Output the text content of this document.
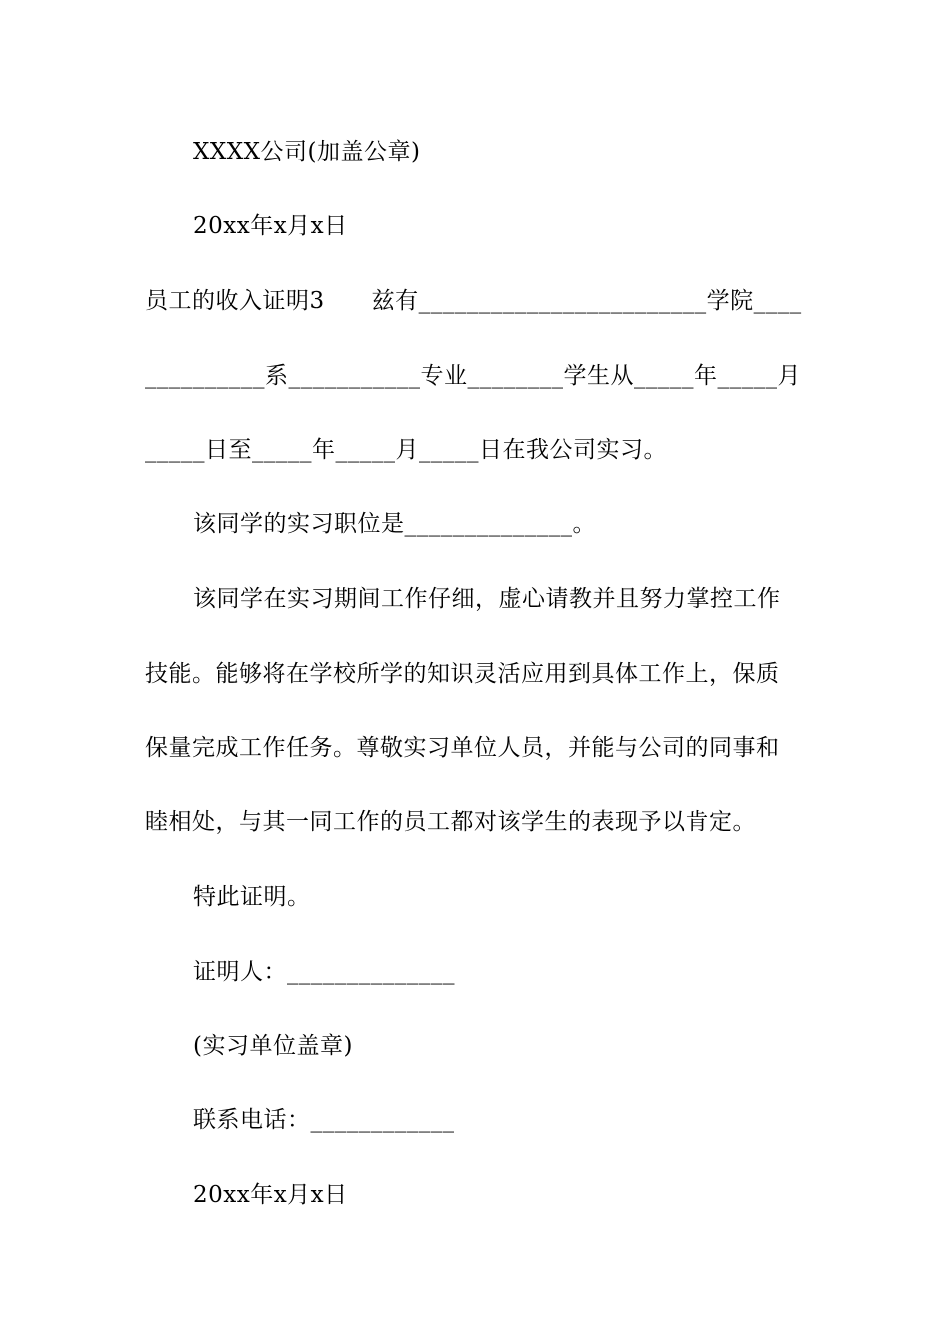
XXXX公司(加盖公章)
20xx年x月x日
员工的收入证明3　　兹有________________________学院____
__________系___________专业________学生从_____年_____月
_____日至_____年_____月_____日在我公司实习。
该同学的实习职位是______________。
该同学在实习期间工作仔细，虚心请教并且努力掌控工作
技能。能够将在学校所学的知识灵活应用到具体工作上，保质
保量完成工作任务。尊敬实习单位人员，并能与公司的同事和
睦相处，与其一同工作的员工都对该学生的表现予以肯定。
特此证明。
证明人：______________
(实习单位盖章)
联系电话：____________
20xx年x月x日
